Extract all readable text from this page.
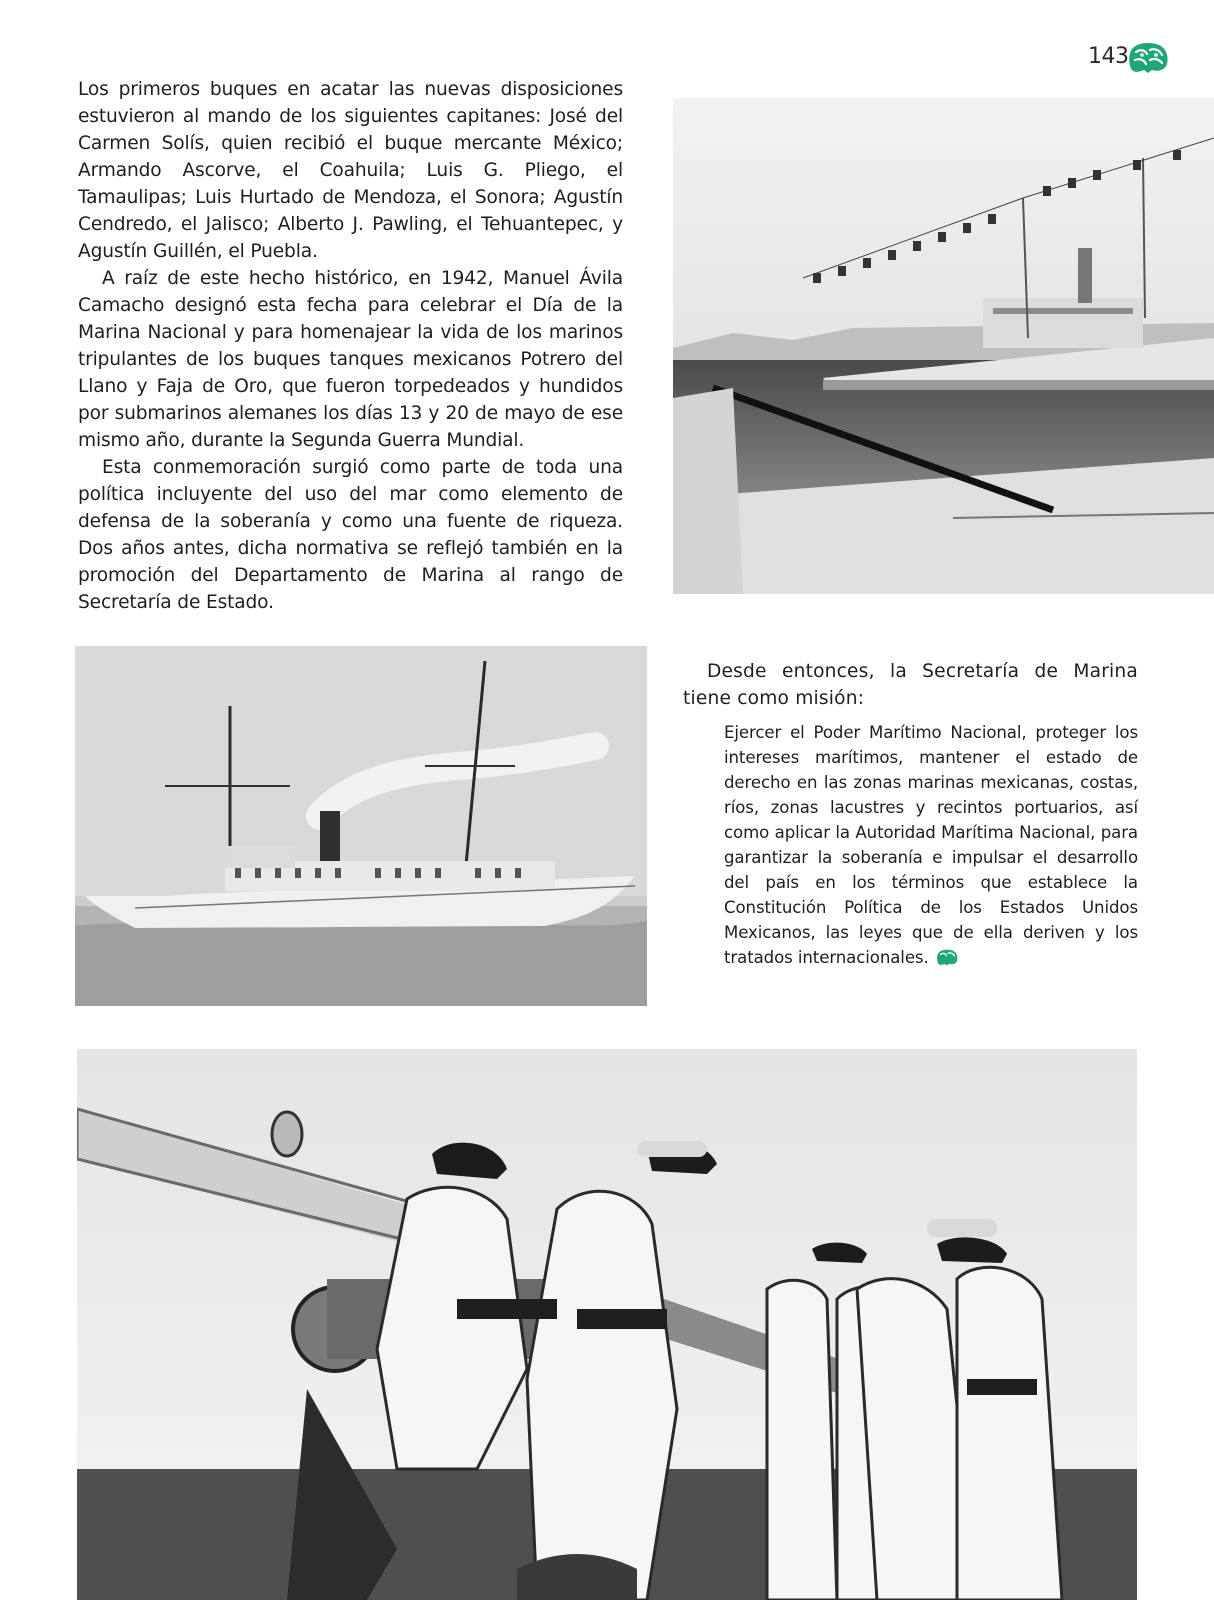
143

Los primeros buques en acatar las nuevas disposiciones estuvieron al mando de los siguientes capitanes: José del Carmen Solís, quien recibió el buque mercante México; Armando Ascorve, el Coahuila; Luis G. Pliego, el Tamaulipas; Luis Hurtado de Mendoza, el Sonora; Agustín Cendredo, el Jalisco; Alberto J. Pawling, el Tehuantepec, y Agustín Guillén, el Puebla.

A raíz de este hecho histórico, en 1942, Manuel Ávila Camacho designó esta fecha para celebrar el Día de la Marina Nacional y para homenajear la vida de los marinos tripulantes de los buques tanques mexicanos Potrero del Llano y Faja de Oro, que fueron torpedeados y hundidos por submarinos alemanes los días 13 y 20 de mayo de ese mismo año, durante la Segunda Guerra Mundial.

Esta conmemoración surgió como parte de toda una política incluyente del uso del mar como elemento de defensa de la soberanía y como una fuente de riqueza. Dos años antes, dicha normativa se reflejó también en la promoción del Departamento de Marina al rango de Secretaría de Estado.

Desde entonces, la Secretaría de Marina tiene como misión:
Ejercer el Poder Marítimo Nacional, proteger los intereses marítimos, mantener el estado de derecho en las zonas marinas mexicanas, costas, ríos, zonas lacustres y recintos portuarios, así como aplicar la Autoridad Marítima Nacional, para garantizar la soberanía e impulsar el desarrollo del país en los términos que establece la Constitución Política de los Estados Unidos Mexicanos, las leyes que de ella deriven y los tratados internacionales.
